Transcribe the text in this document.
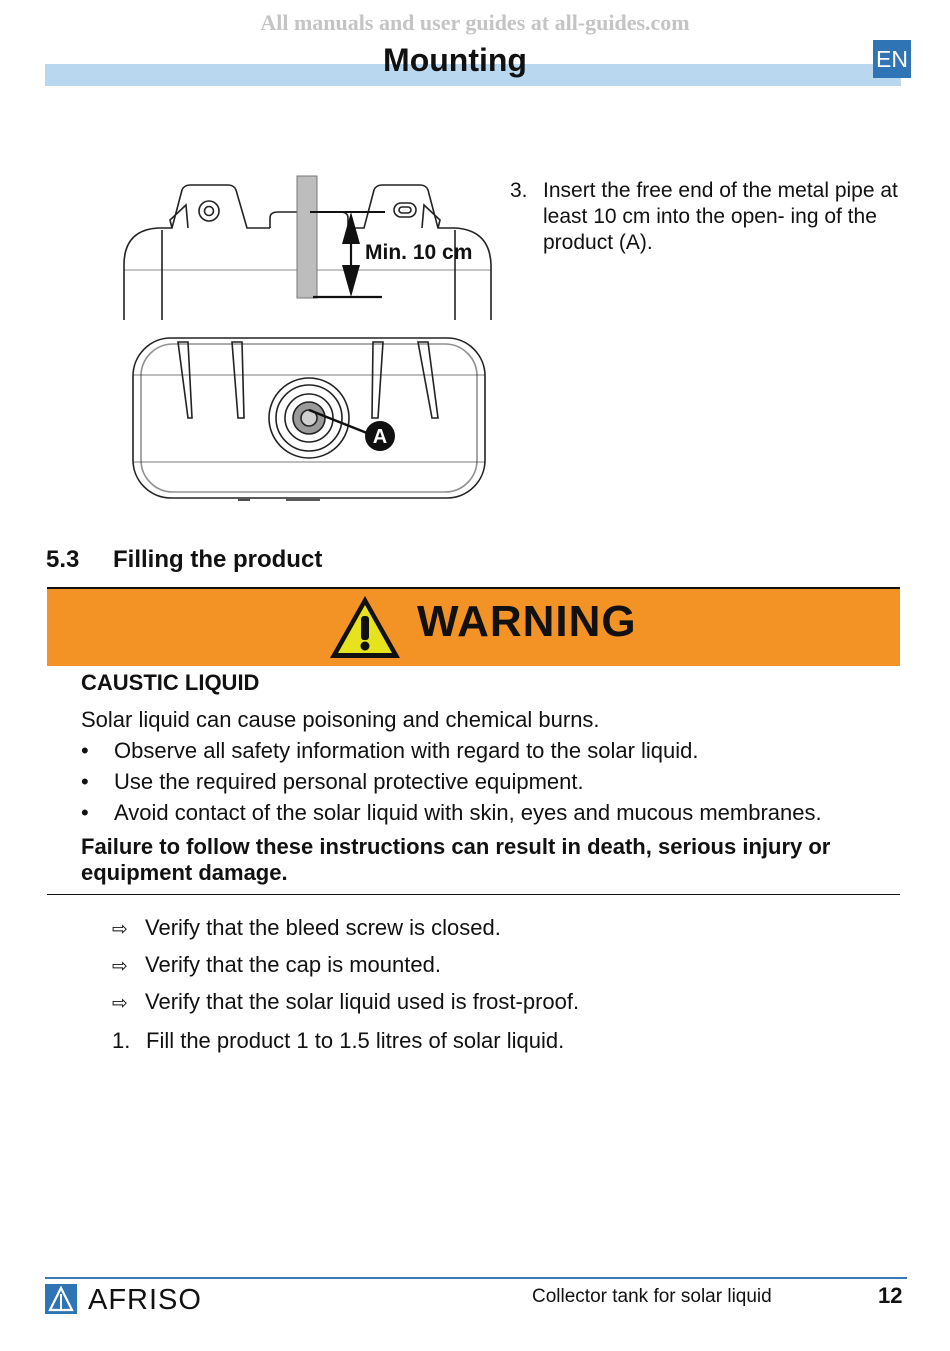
All manuals and user guides at all-guides.com
Mounting	EN
A
Min. 10 cm
3. Insert the free end of the metal pipe at least 10 cm into the open- ing of the product (A).
5.3 Filling the product
WARNING
CAUSTIC LIQUID
Solar liquid can cause poisoning and chemical burns.
• Observe all safety information with regard to the solar liquid.
• Use the required personal protective equipment.
• Avoid contact of the solar liquid with skin, eyes and mucous membranes.
Failure to follow these instructions can result in death, serious injury or equipment damage.
⇨ Verify that the bleed screw is closed.
⇨ Verify that the cap is mounted.
⇨ Verify that the solar liquid used is frost-proof.
1. Fill the product 1 to 1.5 litres of solar liquid.
AFRISO	Collector tank for solar liquid	12
